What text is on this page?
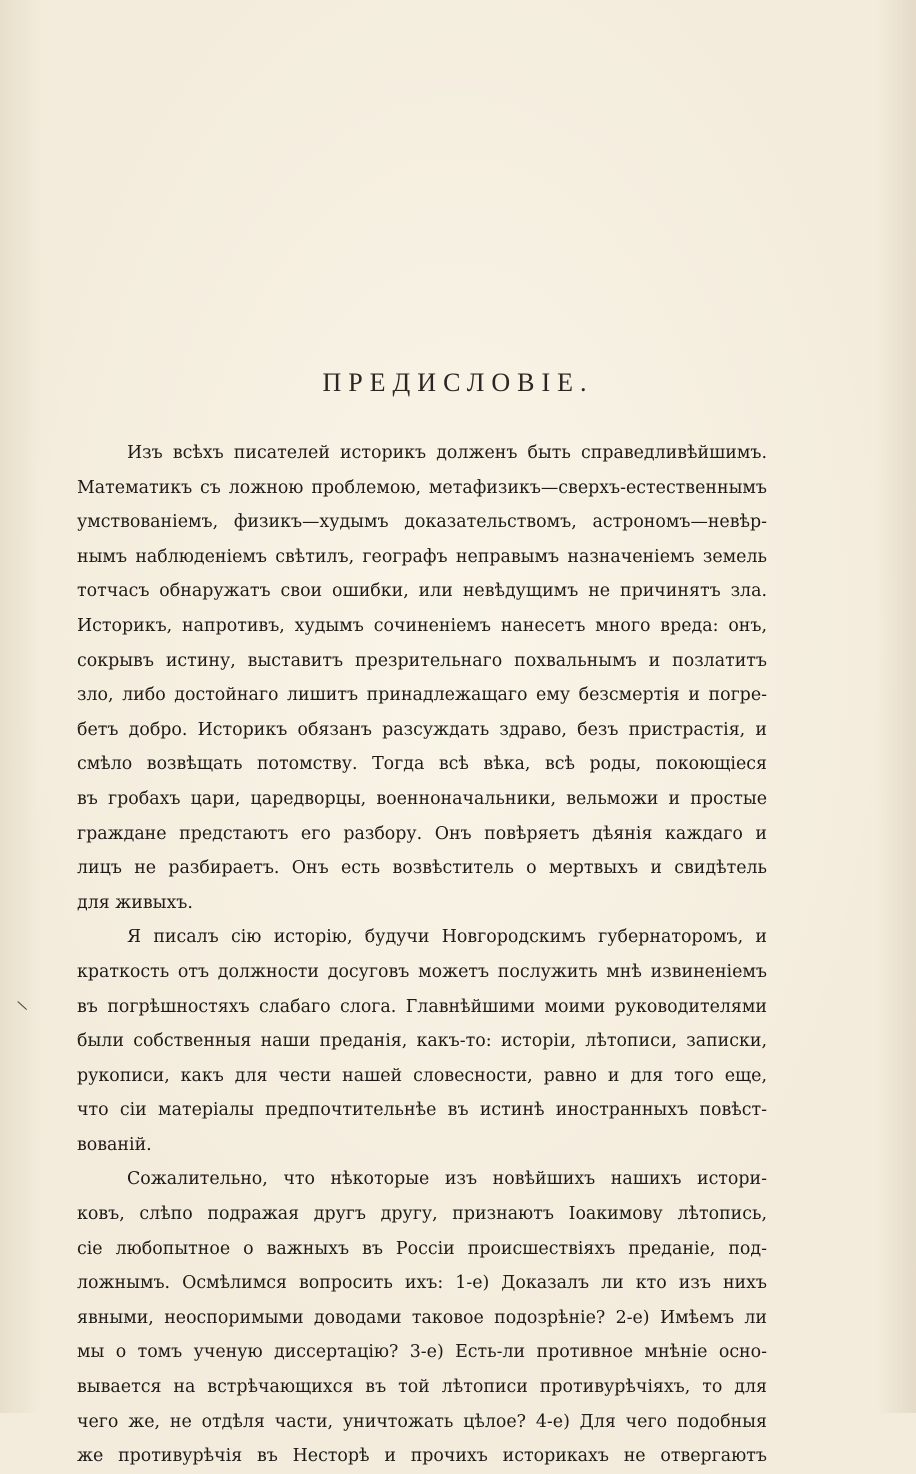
ПРЕДИСЛОВІЕ.
Изъ всѣхъ писателей историкъ долженъ быть справедливѣйшимъ.
Математикъ съ ложною проблемою, метафизикъ—сверхъ-естественнымъ
умствованіемъ, физикъ—худымъ доказательствомъ, астрономъ—невѣр-
нымъ наблюденіемъ свѣтилъ, географъ неправымъ назначеніемъ земель
тотчасъ обнаружатъ свои ошибки, или невѣдущимъ не причинятъ зла.
Историкъ, напротивъ, худымъ сочиненіемъ нанесетъ много вреда: онъ,
сокрывъ истину, выставитъ презрительнаго похвальнымъ и позлатитъ
зло, либо достойнаго лишитъ принадлежащаго ему безсмертія и погре-
бетъ добро. Историкъ обязанъ разсуждать здраво, безъ пристрастія, и
смѣло возвѣщать потомству. Тогда всѣ вѣка, всѣ роды, покоющіеся
въ гробахъ цари, царедворцы, военноначальники, вельможи и простые
граждане предстаютъ его разбору. Онъ повѣряетъ дѣянія каждаго и
лицъ не разбираетъ. Онъ есть возвѣститель о мертвыхъ и свидѣтель
для живыхъ.
Я писалъ сію исторію, будучи Новгородскимъ губернаторомъ, и
краткость отъ должности досуговъ можетъ послужить мнѣ извиненіемъ
въ погрѣшностяхъ слабаго слога. Главнѣйшими моими руководителями
были собственныя наши преданія, какъ-то: исторіи, лѣтописи, записки,
рукописи, какъ для чести нашей словесности, равно и для того еще,
что сіи матеріалы предпочтительнѣе въ истинѣ иностранныхъ повѣст-
вованій.
Сожалительно, что нѣкоторые изъ новѣйшихъ нашихъ истори-
ковъ, слѣпо подражая другъ другу, признаютъ Іоакимову лѣтопись,
сіе любопытное о важныхъ въ Россіи происшествіяхъ преданіе, под-
ложнымъ. Осмѣлимся вопросить ихъ: 1-е) Доказалъ ли кто изъ нихъ
явными, неоспоримыми доводами таковое подозрѣніе? 2-е) Имѣемъ ли
мы о томъ ученую диссертацію? 3-е) Есть-ли противное мнѣніе осно-
вывается на встрѣчающихся въ той лѣтописи противурѣчіяхъ, то для
чего же, не отдѣля части, уничтожать цѣлое? 4-е) Для чего подобныя
же противурѣчія въ Несторѣ и прочихъ историкахъ не отвергаютъ
\
